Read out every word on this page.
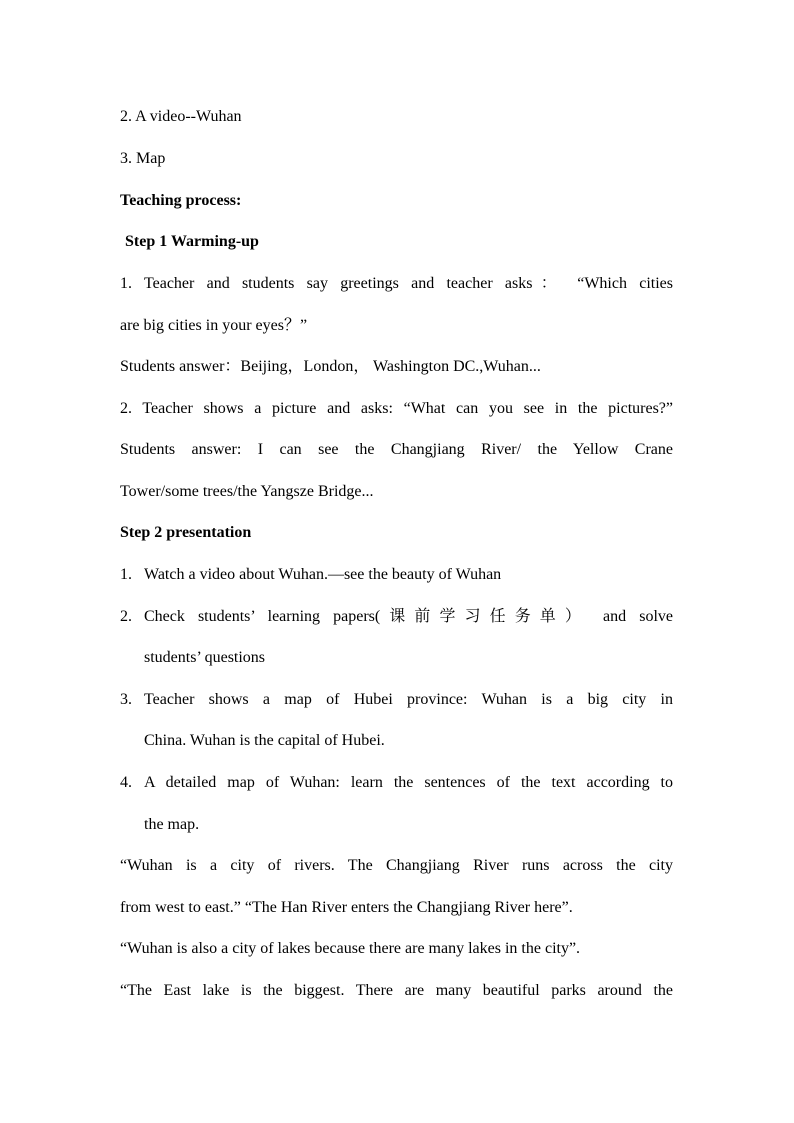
2. A video--Wuhan
3. Map
Teaching process:
Step 1 Warming-up
1. Teacher and students say greetings and teacher asks： “Which cities
are big cities in your eyes？”
Students answer：Beijing，London， Washington DC.,Wuhan...
2. Teacher shows a picture and asks: “What can you see in the pictures?”
Students answer: I can see the Changjiang River/ the Yellow Crane
Tower/some trees/the Yangsze Bridge...
Step 2 presentation
1. Watch a video about Wuhan.—see the beauty of Wuhan
2. Check students’ learning papers(课前学习任务单） and solve
students’ questions
3. Teacher shows a map of Hubei province: Wuhan is a big city in
China. Wuhan is the capital of Hubei.
4. A detailed map of Wuhan: learn the sentences of the text according to
the map.
“Wuhan is a city of rivers. The Changjiang River runs across the city
from west to east.” “The Han River enters the Changjiang River here”.
“Wuhan is also a city of lakes because there are many lakes in the city”.
“The East lake is the biggest. There are many beautiful parks around the
